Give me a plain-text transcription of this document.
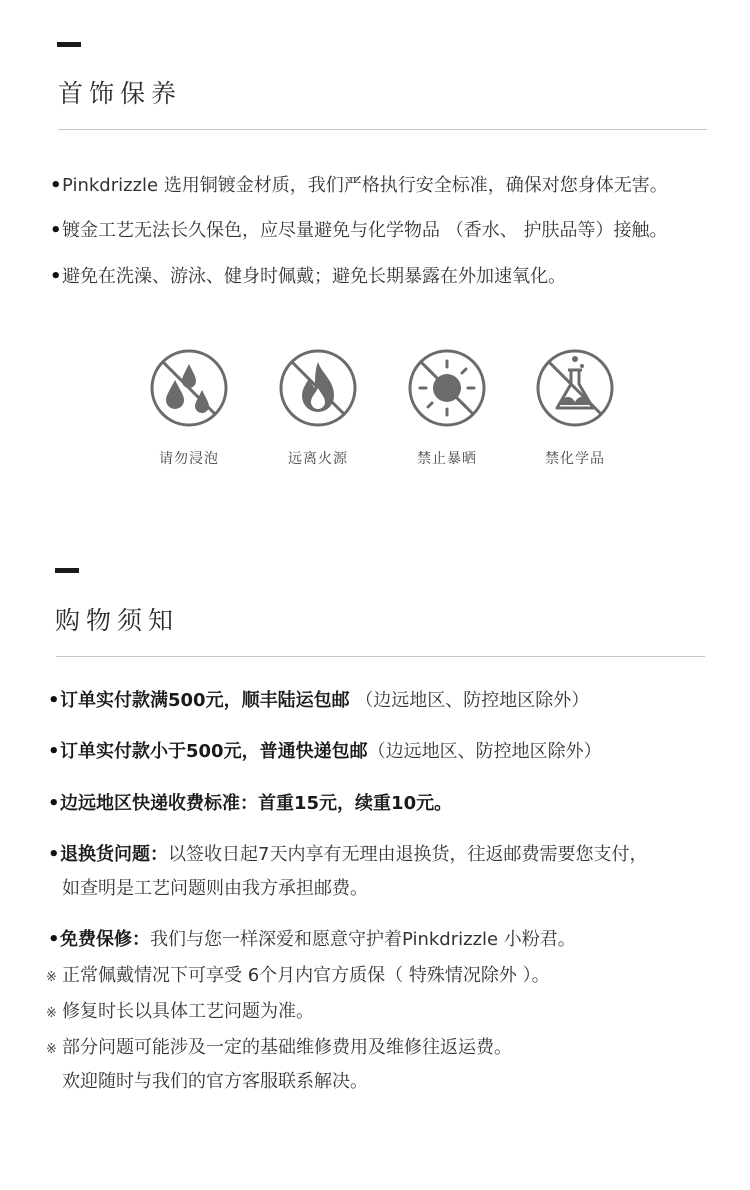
首饰保养
•Pinkdrizzle 选用铜镀金材质，我们严格执行安全标准，确保对您身体无害。
•镀金工艺无法长久保色，应尽量避免与化学物品 （香水、 护肤品等）接触。
•避免在洗澡、游泳、健身时佩戴；避免长期暴露在外加速氧化。
请勿浸泡	远离火源	禁止暴晒	禁化学品
购物须知
•订单实付款满500元，顺丰陆运包邮 （边远地区、防控地区除外）
•订单实付款小于500元，普通快递包邮（边远地区、防控地区除外）
•边远地区快递收费标准：首重15元，续重10元。
•退换货问题：以签收日起7天内享有无理由退换货，往返邮费需要您支付，
如查明是工艺问题则由我方承担邮费。
•免费保修：我们与您一样深爱和愿意守护着Pinkdrizzle 小粉君。
※ 正常佩戴情况下可享受 6个月内官方质保（ 特殊情况除外 ）。
※ 修复时长以具体工艺问题为准。
※ 部分问题可能涉及一定的基础维修费用及维修往返运费。
欢迎随时与我们的官方客服联系解决。
